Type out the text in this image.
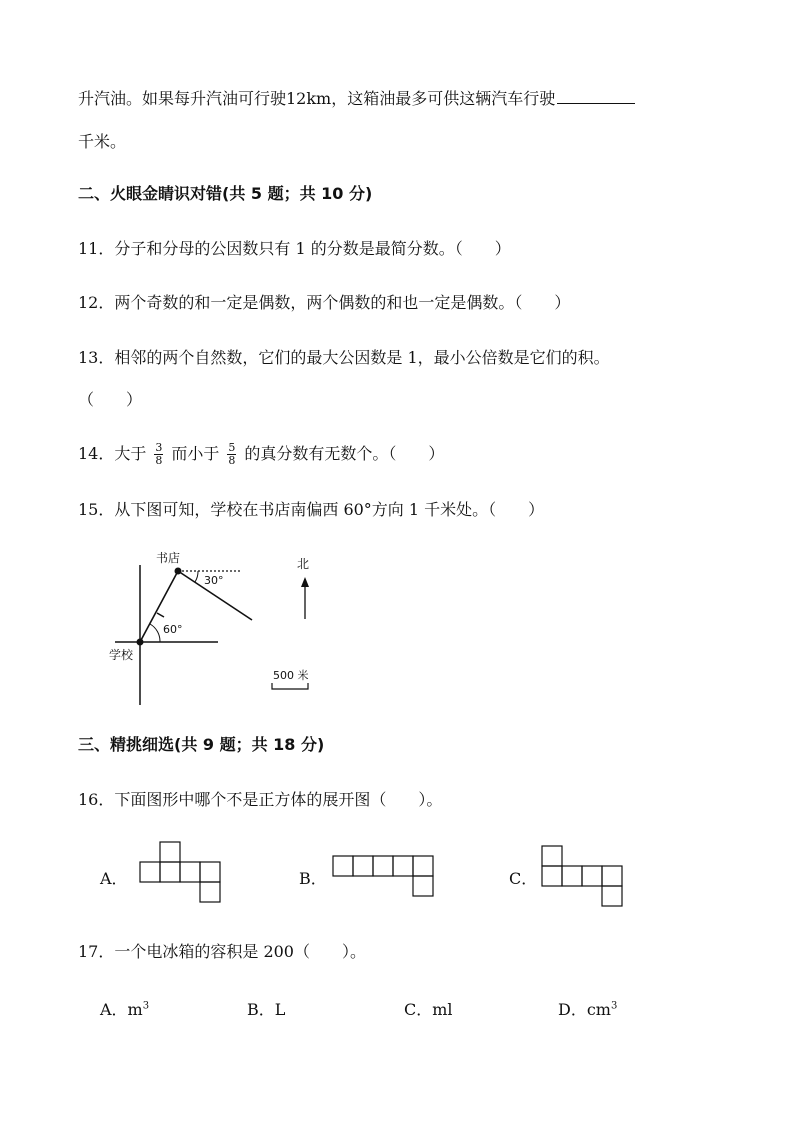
升汽油。如果每升汽油可行驶12km，这箱油最多可供这辆汽车行驶
千米。
二、火眼金睛识对错(共 5 题；共 10 分)
11．分子和分母的公因数只有 1 的分数是最简分数。（　　）
12．两个奇数的和一定是偶数，两个偶数的和也一定是偶数。（　　）
13．相邻的两个自然数，它们的最大公因数是 1，最小公倍数是它们的积。
（　　）
14．大于 $\frac{3}{8}$ 而小于 $\frac{5}{8}$ 的真分数有无数个。（　　）
15．从下图可知，学校在书店南偏西 60°方向 1 千米处。（　　）
书店
30°
60°
学校
北
500 米
三、精挑细选(共 9 题；共 18 分)
16．下面图形中哪个不是正方体的展开图（　　）。
A．	B．	C．
17．一个电冰箱的容积是 200（　　）。
A．$m^3$	B．L	C．ml	D．$cm^3$
